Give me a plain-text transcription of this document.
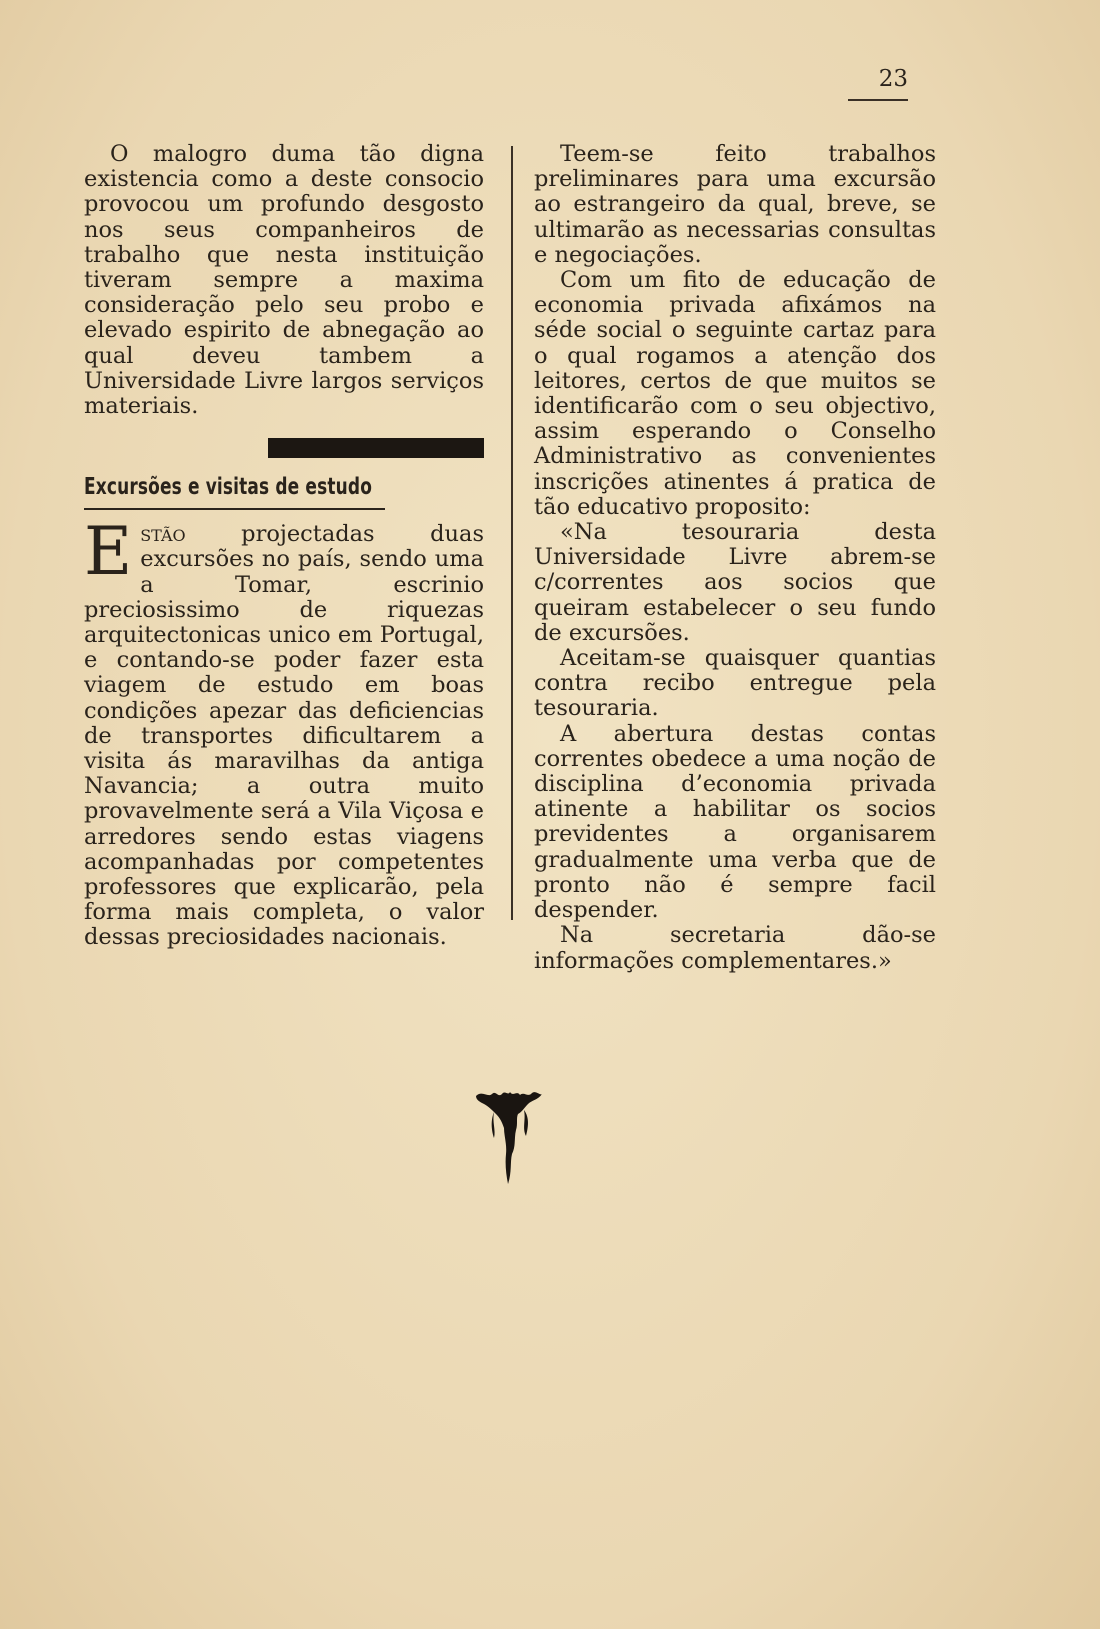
23

O malogro duma tão digna existencia como a deste consocio provocou um profundo desgosto nos seus companheiros de trabalho que nesta instituição tiveram sempre a maxima consideração pelo seu probo e elevado espirito de abnegação ao qual deveu tambem a Universidade Livre largos serviços materiais.

Excursões e visitas de estudo
Estão projectadas duas excursões no país, sendo uma a Tomar, escrinio preciosissimo de riquezas arquitectonicas unico em Portugal, e contando-se poder fazer esta viagem de estudo em boas condições apezar das deficiencias de transportes dificultarem a visita ás maravilhas da antiga Navancia; a outra muito provavelmente será a Vila Viçosa e arredores sendo estas viagens acompanhadas por competentes professores que explicarão, pela forma mais completa, o valor dessas preciosidades nacionais.

Teem-se feito trabalhos preliminares para uma excursão ao estrangeiro da qual, breve, se ultimarão as necessarias consultas e negociações.

Com um fito de educação de economia privada afixámos na séde social o seguinte cartaz para o qual rogamos a atenção dos leitores, certos de que muitos se identificarão com o seu objectivo, assim esperando o Conselho Administrativo as convenientes inscrições atinentes á pratica de tão educativo proposito:

«Na tesouraria desta Universidade Livre abrem-se c/correntes aos socios que queiram estabelecer o seu fundo de excursões.

Aceitam-se quaisquer quantias contra recibo entregue pela tesouraria.

A abertura destas contas correntes obedece a uma noção de disciplina d’economia privada atinente a habilitar os socios previdentes a organisarem gradualmente uma verba que de pronto não é sempre facil despender.

Na secretaria dão-se informações complementares.»
